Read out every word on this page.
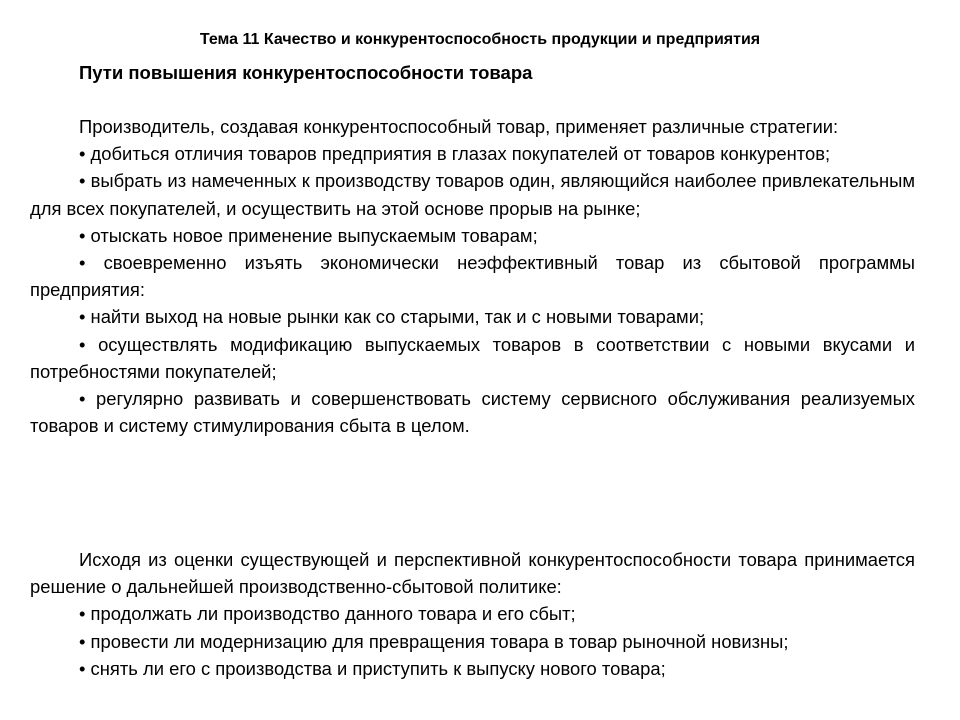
Тема 11 Качество и конкурентоспособность продукции и предприятия
Пути повышения конкурентоспособности товара

Производитель, создавая конкурентоспособный товар, применяет различные стратегии:

• добиться отличия товаров предприятия в глазах покупателей от товаров конкурентов;

• выбрать из намеченных к производству товаров один, являющийся наиболее привлекательным для всех покупателей, и осуществить на этой основе прорыв на рынке;

• отыскать новое применение выпускаемым товарам;

• своевременно изъять экономически неэффективный товар из сбытовой программы предприятия:

• найти выход на новые рынки как со старыми, так и с новыми товарами;

• осуществлять модификацию выпускаемых товаров в соответствии с новыми вкусами и потребностями покупателей;

• регулярно развивать и совершенствовать систему сервисного обслуживания реализуемых товаров и систему стимулирования сбыта в целом.

Исходя из оценки существующей и перспективной конкурентоспособности товара принимается решение о дальнейшей производственно-сбытовой политике:

• продолжать ли производство данного товара и его сбыт;

• провести ли модернизацию для превращения товара в товар рыночной новизны;

• снять ли его с производства и приступить к выпуску нового товара;
